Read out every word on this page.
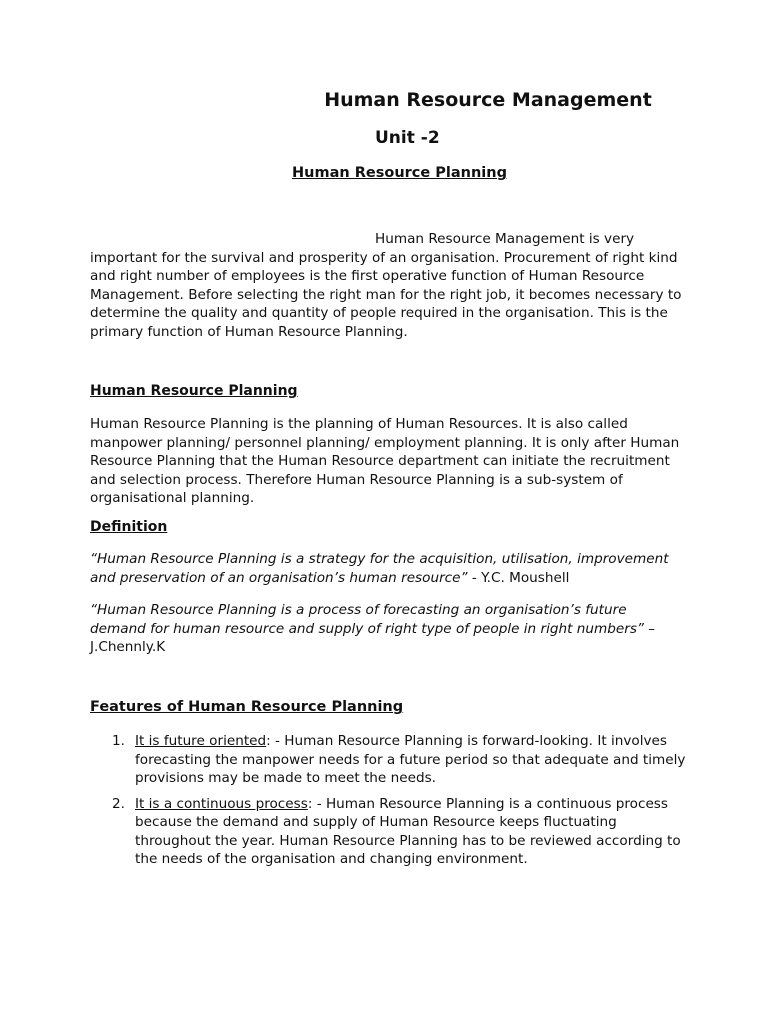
Human Resource Management
Unit -2
Human Resource Planning

Human Resource Management is very important for the survival and prosperity of an organisation. Procurement of right kind and right number of employees is the first operative function of Human Resource Management. Before selecting the right man for the right job, it becomes necessary to determine the quality and quantity of people required in the organisation. This is the primary function of Human Resource Planning.

Human Resource Planning

Human Resource Planning is the planning of Human Resources. It is also called manpower planning/ personnel planning/ employment planning. It is only after Human Resource Planning that the Human Resource department can initiate the recruitment and selection process. Therefore Human Resource Planning is a sub-system of organisational planning.

Definition

“Human Resource Planning is a strategy for the acquisition, utilisation, improvement and preservation of an organisation’s human resource” - Y.C. Moushell

“Human Resource Planning is a process of forecasting an organisation’s future demand for human resource and supply of right type of people in right numbers” – J.Chennly.K

Features of Human Resource Planning
1. It is future oriented: - Human Resource Planning is forward-looking. It involves forecasting the manpower needs for a future period so that adequate and timely provisions may be made to meet the needs.
2. It is a continuous process: - Human Resource Planning is a continuous process because the demand and supply of Human Resource keeps fluctuating throughout the year. Human Resource Planning has to be reviewed according to the needs of the organisation and changing environment.
